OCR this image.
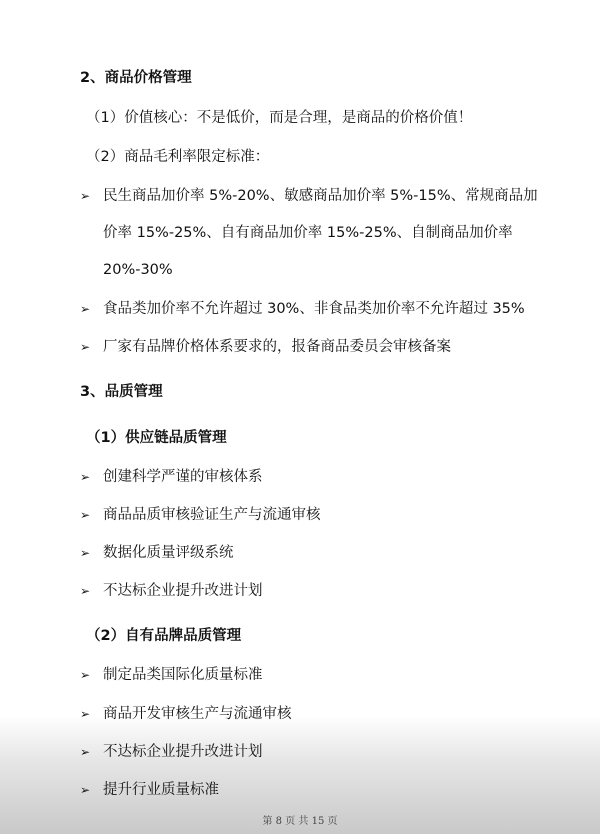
2、商品价格管理
（1）价值核心：不是低价，而是合理，是商品的价格价值！
（2）商品毛利率限定标准：
➢ 民生商品加价率 5%-20%、敏感商品加价率 5%-15%、常规商品加
价率 15%-25%、自有商品加价率 15%-25%、自制商品加价率
20%-30%
➢ 食品类加价率不允许超过 30%、非食品类加价率不允许超过 35%
➢ 厂家有品牌价格体系要求的，报备商品委员会审核备案
3、品质管理
（1）供应链品质管理
➢ 创建科学严谨的审核体系
➢ 商品品质审核验证生产与流通审核
➢ 数据化质量评级系统
➢ 不达标企业提升改进计划
（2）自有品牌品质管理
➢ 制定品类国际化质量标准
➢ 商品开发审核生产与流通审核
➢ 不达标企业提升改进计划
➢ 提升行业质量标准
第 8 页 共 15 页
